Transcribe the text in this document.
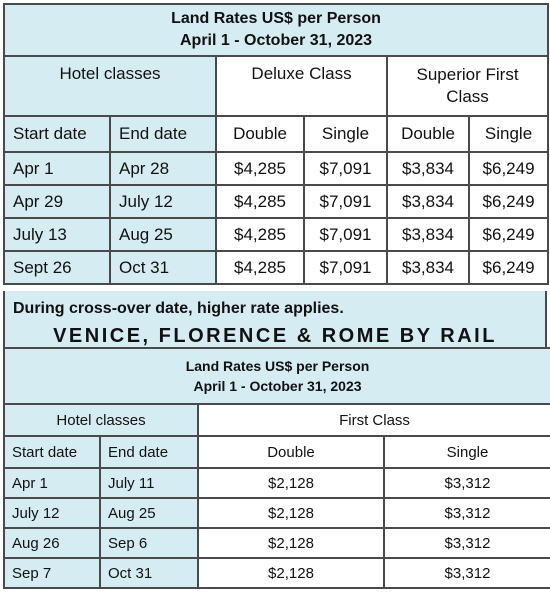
Land Rates US$ per Person
April 1 - October 31, 2023					

Hotel classes		Deluxe Class		Superior First
Class	

Start date	End date	Double	Single	Double	Single
Apr 1	Apr 28	$4,285	$7,091	$3,834	$6,249
Apr 29	July 12	$4,285	$7,091	$3,834	$6,249
July 13	Aug 25	$4,285	$7,091	$3,834	$6,249
Sept 26	Oct 31	$4,285	$7,091	$3,834	$6,249
During cross-over date, higher rate applies.
VENICE, FLORENCE & ROME BY RAIL
Land Rates US$ per Person
April 1 - October 31, 2023			

Hotel classes		First Class	
Start date	End date	Double	Single
Apr 1	July 11	$2,128	$3,312
July 12	Aug 25	$2,128	$3,312
Aug 26	Sep 6	$2,128	$3,312
Sep 7	Oct 31	$2,128	$3,312
